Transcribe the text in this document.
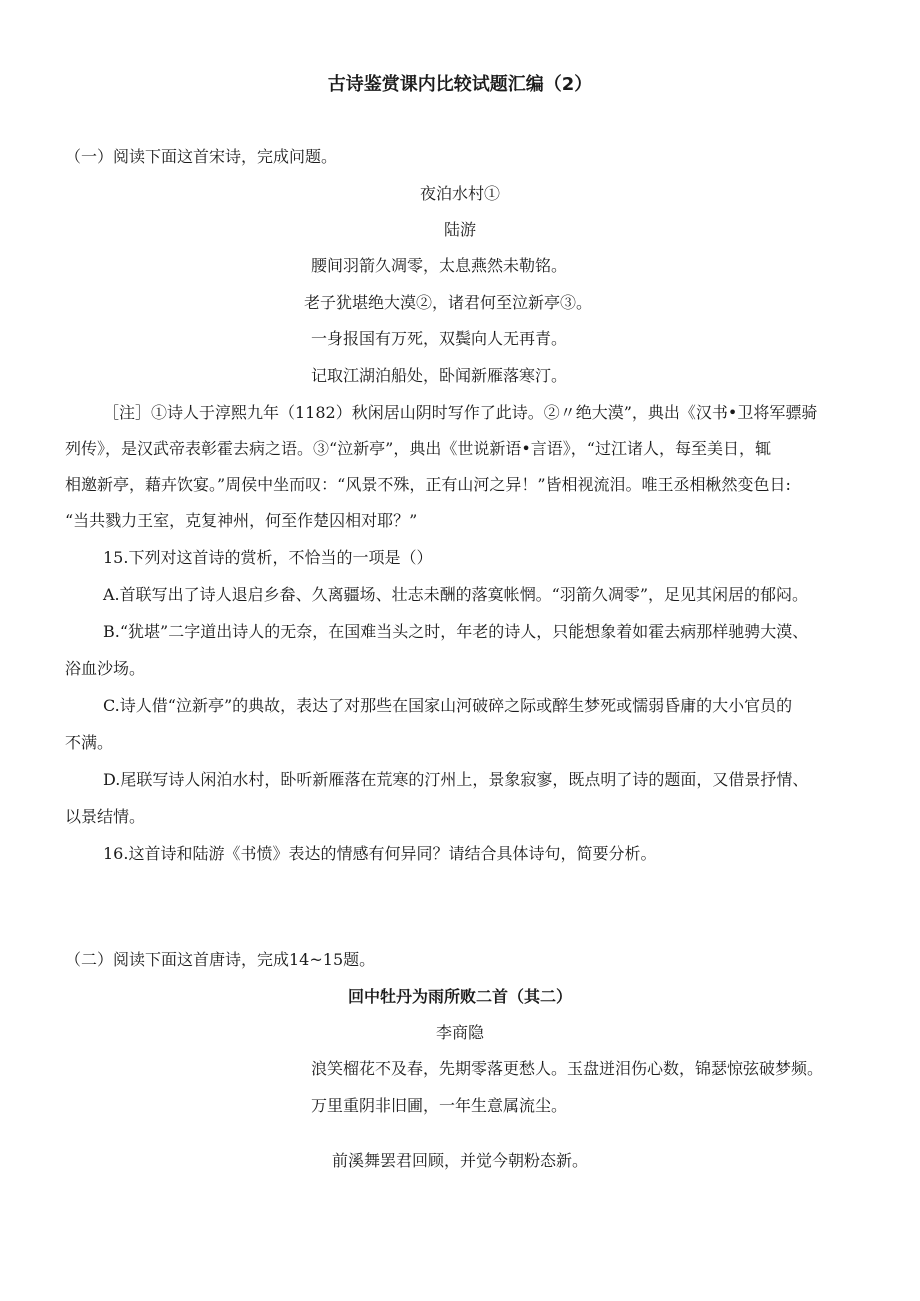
古诗鉴赏课内比较试题汇编（2）
（一）阅读下面这首宋诗，完成问题。
夜泊水村①
陆游
腰间羽箭久凋零，太息燕然未勒铭。
老子犹堪绝大漠②，诸君何至泣新亭③。
一身报国有万死，双鬓向人无再青。
记取江湖泊船处，卧闻新雁落寒汀。
［注］①诗人于淳熙九年（1182）秋闲居山阴时写作了此诗。②〃绝大漠”，典出《汉书•卫将军骠骑
列传》，是汉武帝表彰霍去病之语。③“泣新亭”，典出《世说新语•言语》，“过江诸人，每至美日，辄
相邀新亭，藉卉饮宴。”周侯中坐而叹：“风景不殊，正有山河之异！”皆相视流泪。唯王丞相楸然变色日:
“当共戮力王室，克复神州，何至作楚囚相对耶？”
15.下列对这首诗的赏析，不恰当的一项是（）
A.首联写出了诗人退启乡畚、久离疆场、壮志未酬的落寞帐惘。“羽箭久凋零”，足见其闲居的郁闷。
B.“犹堪”二字道出诗人的无奈，在国难当头之时，年老的诗人，只能想象着如霍去病那样驰骋大漠、
浴血沙场。
C.诗人借“泣新亭”的典故，表达了对那些在国家山河破碎之际或醉生梦死或懦弱昏庸的大小官员的
不满。
D.尾联写诗人闲泊水村，卧听新雁落在荒寒的汀州上，景象寂寥，既点明了诗的题面，又借景抒情、
以景结情。
16.这首诗和陆游《书愤》表达的情感有何异同？请结合具体诗句，简要分析。
（二）阅读下面这首唐诗，完成14~15题。
回中牡丹为雨所败二首（其二）
李商隐
浪笑榴花不及春，先期零落更愁人。玉盘迸泪伤心数，锦瑟惊弦破梦频。
万里重阴非旧圃，一年生意属流尘。
前溪舞罢君回顾，并觉今朝粉态新。
